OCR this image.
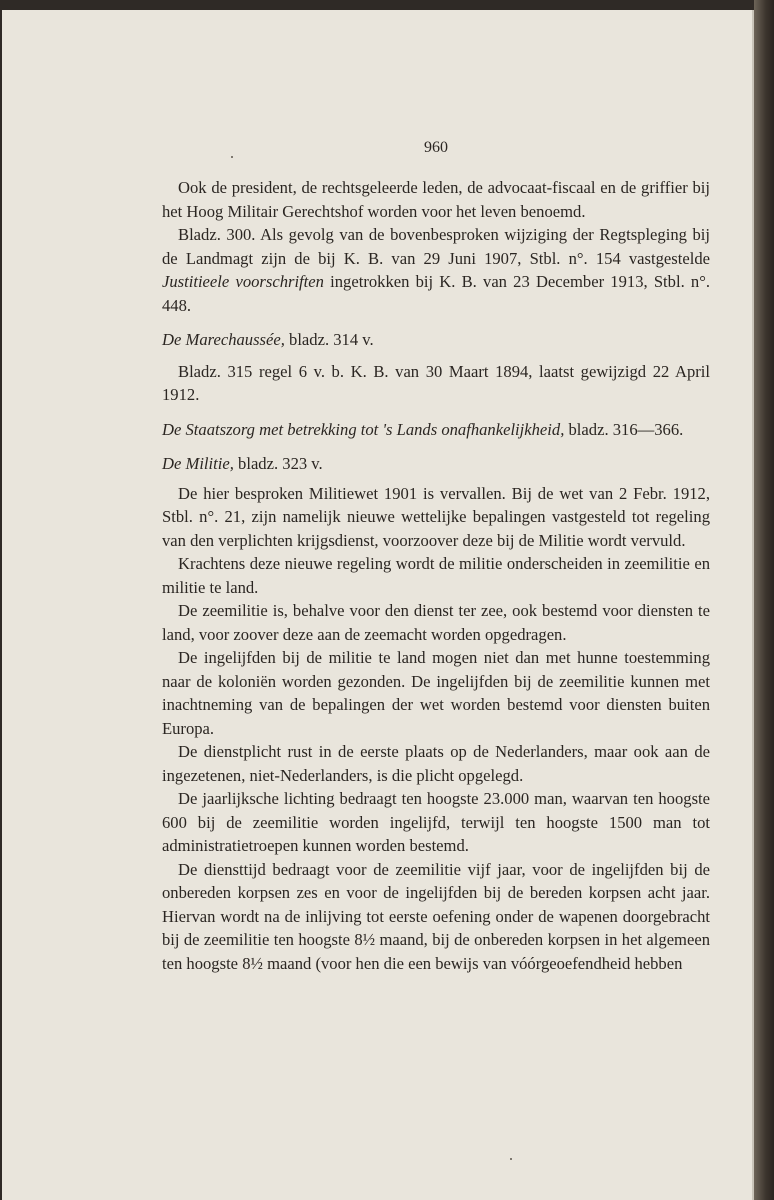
960

Ook de president, de rechtsgeleerde leden, de advocaat-fiscaal en de griffier bij het Hoog Militair Gerechtshof worden voor het leven benoemd.

Bladz. 300. Als gevolg van de bovenbesproken wijziging der Regtspleging bij de Landmagt zijn de bij K. B. van 29 Juni 1907, Stbl. n°. 154 vastgestelde Justitieele voorschriften ingetrokken bij K. B. van 23 December 1913, Stbl. n°. 448.

De Marechaussée, bladz. 314 v.

Bladz. 315 regel 6 v. b. K. B. van 30 Maart 1894, laatst gewijzigd 22 April 1912.

De Staatszorg met betrekking tot 's Lands onafhankelijkheid, bladz. 316—366.

De Militie, bladz. 323 v.

De hier besproken Militiewet 1901 is vervallen. Bij de wet van 2 Febr. 1912, Stbl. n°. 21, zijn namelijk nieuwe wettelijke bepalingen vastgesteld tot regeling van den verplichten krijgsdienst, voorzoover deze bij de Militie wordt vervuld.

Krachtens deze nieuwe regeling wordt de militie onderscheiden in zeemilitie en militie te land.

De zeemilitie is, behalve voor den dienst ter zee, ook bestemd voor diensten te land, voor zoover deze aan de zeemacht worden opgedragen.

De ingelijfden bij de militie te land mogen niet dan met hunne toestemming naar de koloniën worden gezonden. De ingelijfden bij de zeemilitie kunnen met inachtneming van de bepalingen der wet worden bestemd voor diensten buiten Europa.

De dienstplicht rust in de eerste plaats op de Nederlanders, maar ook aan de ingezetenen, niet-Nederlanders, is die plicht opgelegd.

De jaarlijksche lichting bedraagt ten hoogste 23.000 man, waarvan ten hoogste 600 bij de zeemilitie worden ingelijfd, terwijl ten hoogste 1500 man tot administratietroepen kunnen worden bestemd.

De diensttijd bedraagt voor de zeemilitie vijf jaar, voor de ingelijfden bij de onbereden korpsen zes en voor de ingelijfden bij de bereden korpsen acht jaar. Hiervan wordt na de inlijving tot eerste oefening onder de wapenen doorgebracht bij de zeemilitie ten hoogste 8½ maand, bij de onbereden korpsen in het algemeen ten hoogste 8½ maand (voor hen die een bewijs van vóórgeoefendheid hebben
